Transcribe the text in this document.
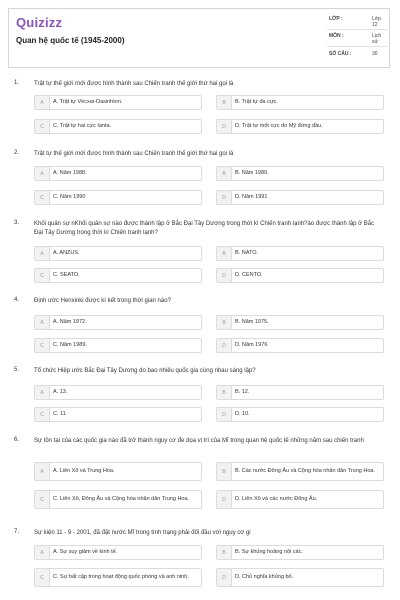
Quizizz
Quan hệ quốc tế (1945-2000)
LỚP :	Lớp 12
MÔN :	Lịch sử
SỐ CÂU :	30
1. Trật tự thế giới mới được hình thành sau Chiến tranh thế giới thứ hai gọi là
A	A. Trật tự Vécxai-Oasinhton.	B	B. Trật tự đa cực.
C	C. Trật tự hai cực Ianta.	D	D. Trật tự một cực do Mỹ đứng đầu.
2. Trật tự thế giới mới được hình thành sau Chiến tranh thế giới thứ hai gọi là
A	A. Năm 1988.	B	B. Năm 1989.
C	C. Năm 1990	D	D. Năm 1991
3. Khối quân sự nKhối quân sự nào được thành lập ở Bắc Đại Tây Dương trong thời kì Chiến tranh lạnh?ào được thành lập ở Bắc Đại Tây Dương trong thời kì Chiến tranh lạnh?
A	A. ANZUS.	B	B. NATO.
C	C. SEATO.	D	D. CENTO.
4. Định ước Henxinki được kí kết trong thời gian nào?
A	A. Năm 1972.	B	B. Năm 1975.
C	C. Năm 1989.	D	D. Năm 1976
5. Tổ chức Hiệp ước Bắc Đại Tây Dương do bao nhiêu quốc gia cùng nhau sáng lập?
A	A. 13.	B	B. 12.
C	C. 11	D	D. 10.
6. Sự tồn tại của các quốc gia nào đã trở thành nguy cơ đe dọa vị trí của Mĩ trong quan hệ quốc tế những năm sau chiến tranh
A	A. Liên Xô và Trung Hoa.	B	B. Các nước Đông Âu và Cộng hòa nhân dân Trung Hoa.
C	C. Liên Xô, Đông Âu và Cộng hòa nhân dân Trung Hoa.	D	D. Liên Xô và các nước Đông Âu.
7. Sự kiện 11 - 9 - 2001, đã đặt nước Mĩ trong tình trạng phải đối đầu với nguy cơ gì
A	A. Sự suy giảm về kinh tế.	B	B. Sự khủng hoảng nội các.
C	C. Sự bất cập trong hoạt động quốc phòng và anh ninh.	D	D. Chủ nghĩa khủng bố.
